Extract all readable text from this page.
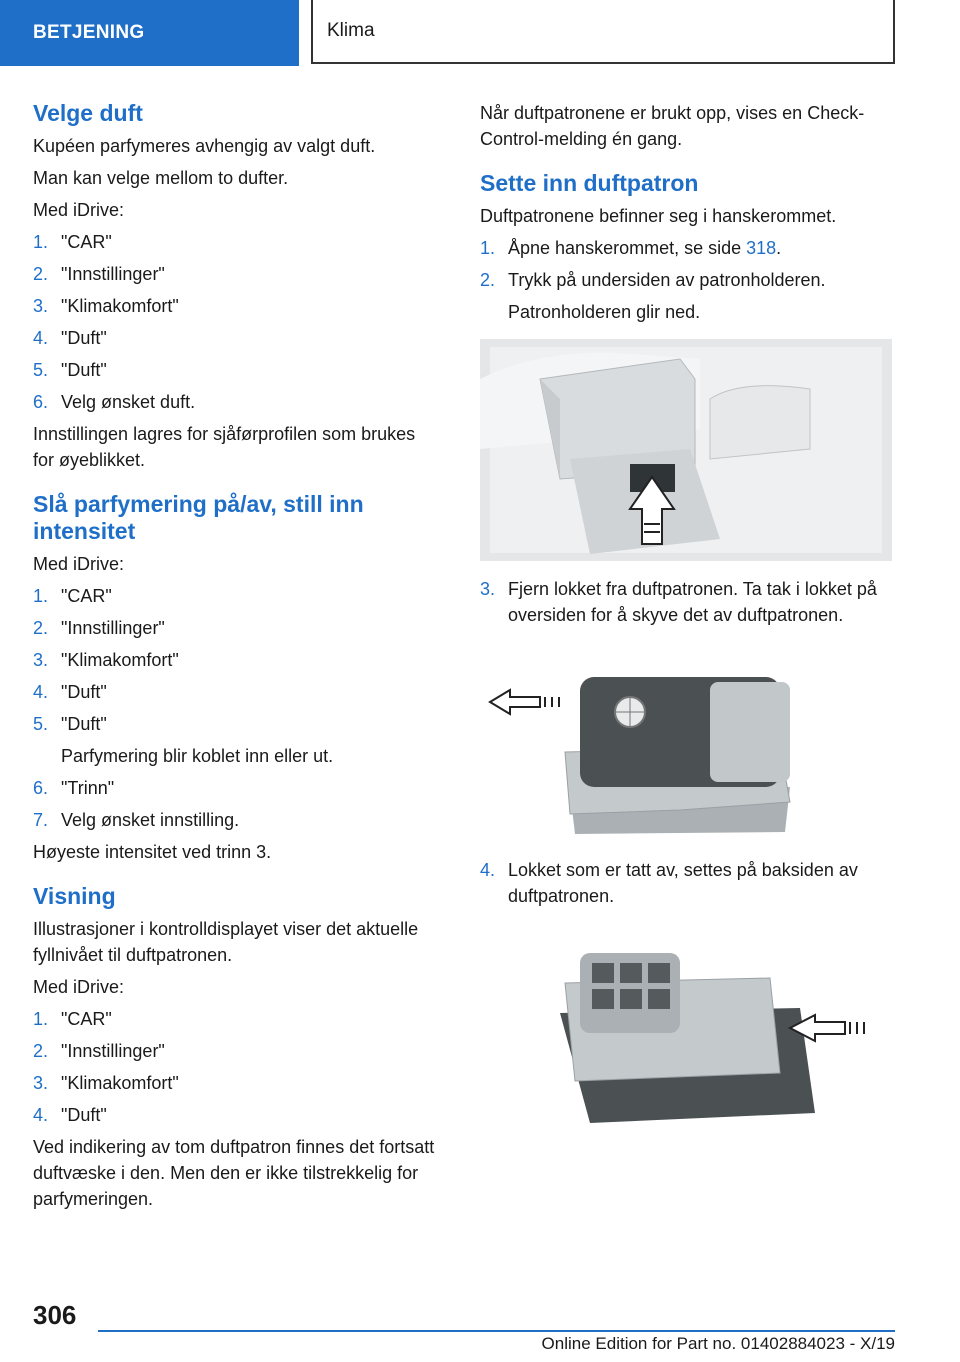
BETJENING	Klima
Velge duft

Kupéen parfymeres avhengig av valgt duft.

Man kan velge mellom to dufter.

Med iDrive:

1. "CAR"
2. "Innstillinger"
3. "Klimakomfort"
4. "Duft"
5. "Duft"
6. Velg ønsket duft.

Innstillingen lagres for sjåførprofilen som brukes for øyeblikket.

Slå parfymering på/av, still inn intensitet

Med iDrive:

1. "CAR"
2. "Innstillinger"
3. "Klimakomfort"
4. "Duft"
5. "Duft"
Parfymering blir koblet inn eller ut.
6. "Trinn"
7. Velg ønsket innstilling.

Høyeste intensitet ved trinn 3.

Visning

Illustrasjoner i kontrolldisplayet viser det aktuelle fyllnivået til duftpatronen.

Med iDrive:

1. "CAR"
2. "Innstillinger"
3. "Klimakomfort"
4. "Duft"

Ved indikering av tom duftpatron finnes det fortsatt duftvæske i den. Men den er ikke tilstrekkelig for parfymeringen.

Når duftpatronene er brukt opp, vises en Check-Control-melding én gang.

Sette inn duftpatron

Duftpatronene befinner seg i hanskerommet.

1. Åpne hanskerommet, se side 318.
2. Trykk på undersiden av patronholderen.
Patronholderen glir ned.
3. Fjern lokket fra duftpatronen. Ta tak i lokket på oversiden for å skyve det av duftpatronen.
4. Lokket som er tatt av, settes på baksiden av duftpatronen.
306
Online Edition for Part no. 01402884023 - X/19
